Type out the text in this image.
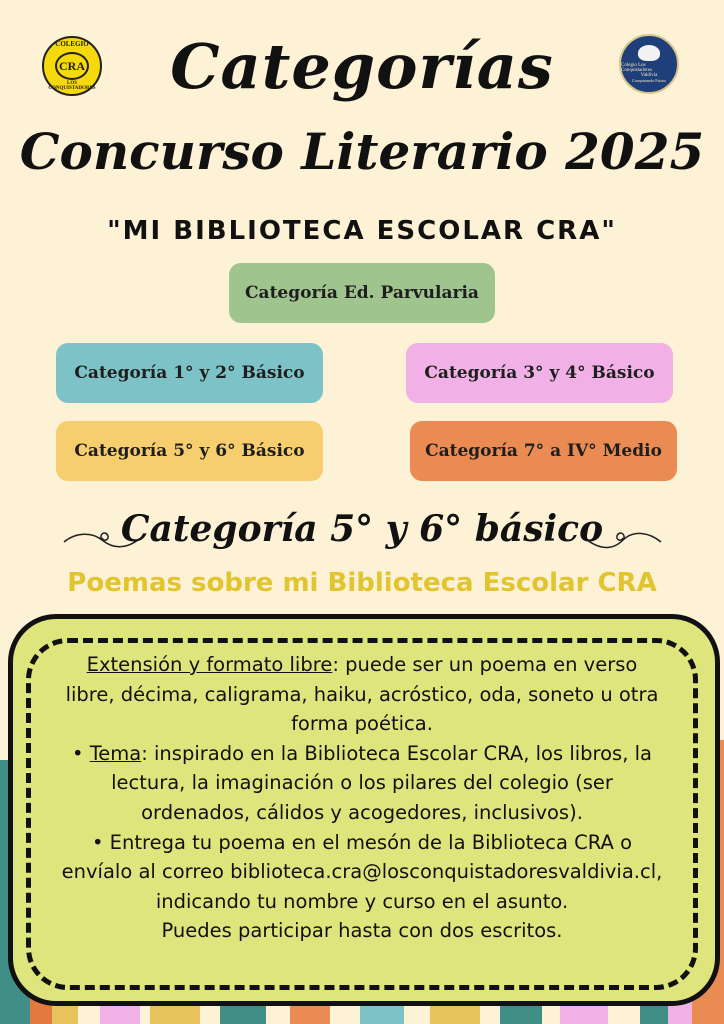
COLEGIO
CRA
LOS CONQUISTADORES
Colegio Los Conquistadores
Valdivia
Conquistando Futuro
Categorías
Concurso Literario 2025
"MI BIBLIOTECA ESCOLAR CRA"
Categoría Ed. Parvularia
Categoría 1° y 2° Básico	Categoría 3° y 4° Básico
Categoría 5° y 6° Básico	Categoría 7° a IV° Medio
Categoría 5° y 6° básico
Poemas sobre mi Biblioteca Escolar CRA

Extensión y formato libre: puede ser un poema en verso libre, décima, caligrama, haiku, acróstico, oda, soneto u otra forma poética.

• Tema: inspirado en la Biblioteca Escolar CRA, los libros, la lectura, la imaginación o los pilares del colegio (ser ordenados, cálidos y acogedores, inclusivos).

• Entrega tu poema en el mesón de la Biblioteca CRA o envíalo al correo biblioteca.cra@losconquistadoresvaldivia.cl, indicando tu nombre y curso en el asunto.

Puedes participar hasta con dos escritos.
